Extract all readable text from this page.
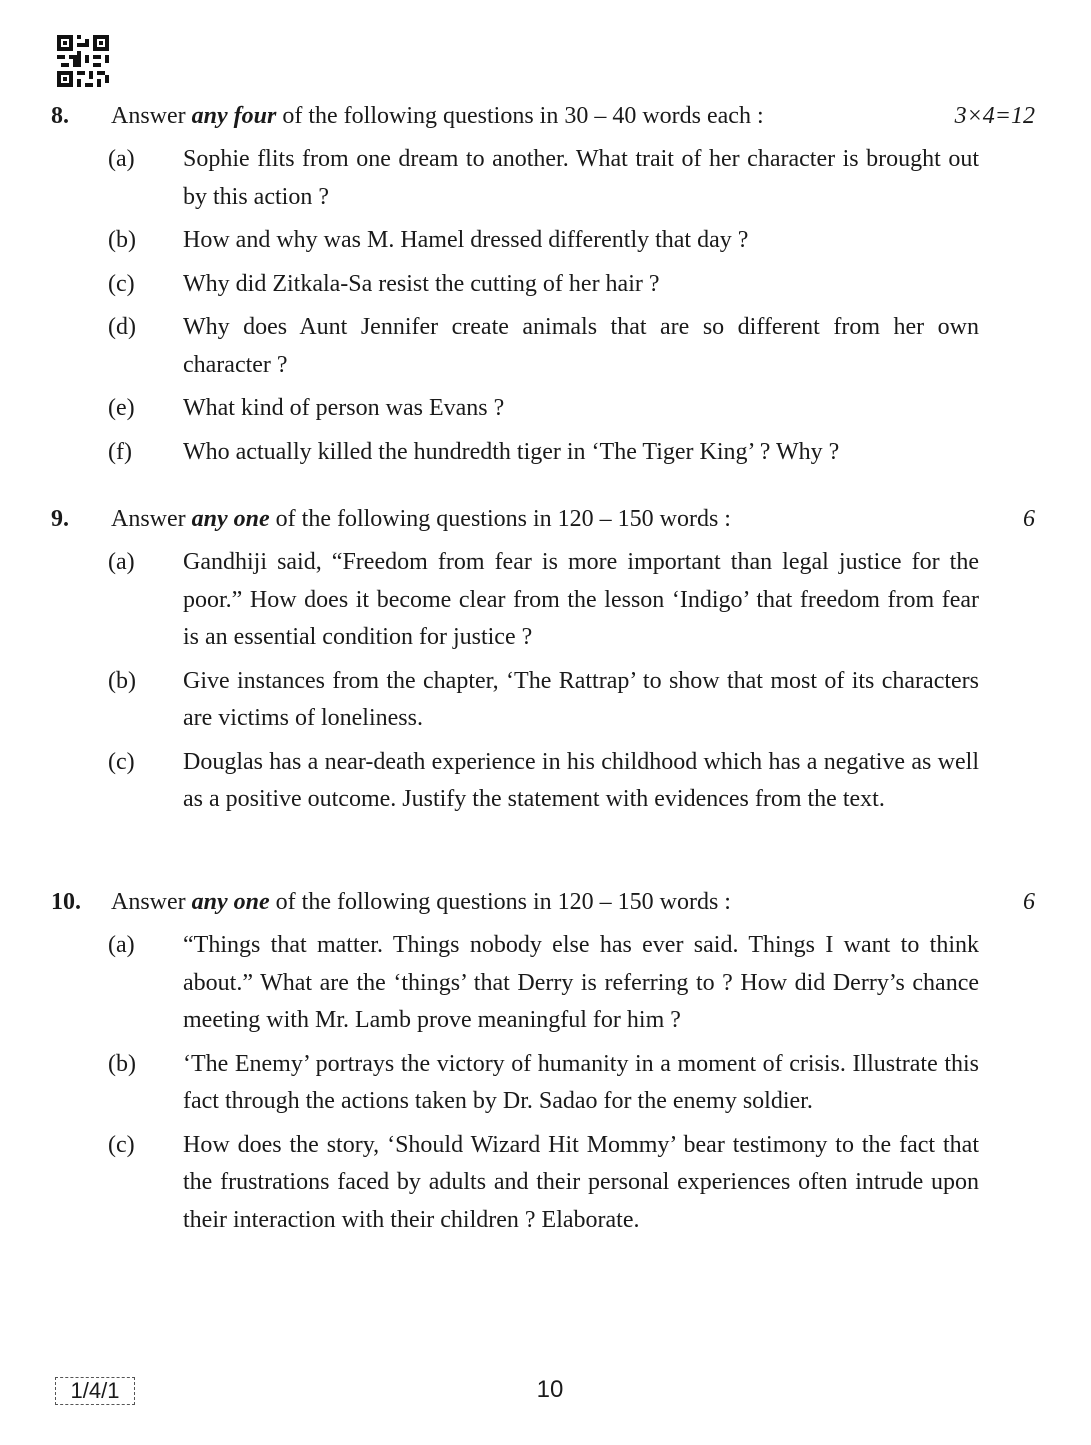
8. Answer any four of the following questions in 30 – 40 words each :	3×4=12
(a) Sophie flits from one dream to another. What trait of her character is brought out by this action ?
(b) How and why was M. Hamel dressed differently that day ?
(c) Why did Zitkala-Sa resist the cutting of her hair ?
(d) Why does Aunt Jennifer create animals that are so different from her own character ?
(e) What kind of person was Evans ?
(f) Who actually killed the hundredth tiger in ‘The Tiger King’ ? Why ?
9. Answer any one of the following questions in 120 – 150 words :	6
(a) Gandhiji said, “Freedom from fear is more important than legal justice for the poor.” How does it become clear from the lesson ‘Indigo’ that freedom from fear is an essential condition for justice ?
(b) Give instances from the chapter, ‘The Rattrap’ to show that most of its characters are victims of loneliness.
(c) Douglas has a near-death experience in his childhood which has a negative as well as a positive outcome. Justify the statement with evidences from the text.
10. Answer any one of the following questions in 120 – 150 words :	6
(a) “Things that matter. Things nobody else has ever said. Things I want to think about.” What are the ‘things’ that Derry is referring to ? How did Derry’s chance meeting with Mr. Lamb prove meaningful for him ?
(b) ‘The Enemy’ portrays the victory of humanity in a moment of crisis. Illustrate this fact through the actions taken by Dr. Sadao for the enemy soldier.
(c) How does the story, ‘Should Wizard Hit Mommy’ bear testimony to the fact that the frustrations faced by adults and their personal experiences often intrude upon their interaction with their children ? Elaborate.
1/4/1	10
